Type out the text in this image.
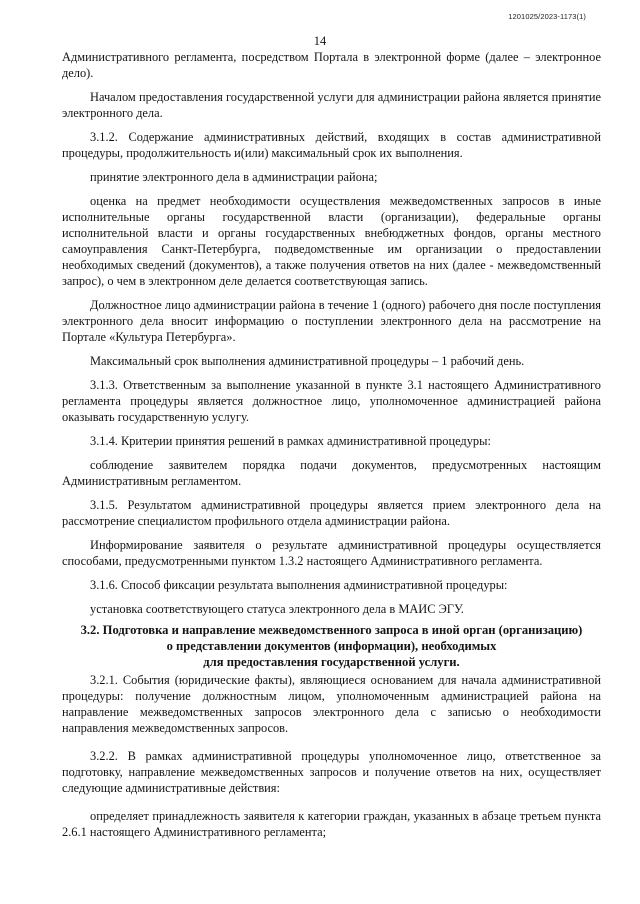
1201025/2023-1173(1)
14

Административного регламента, посредством Портала в электронной форме (далее – электронное дело).

Началом предоставления государственной услуги для администрации района является принятие электронного дела.

3.1.2. Содержание административных действий, входящих в состав административной процедуры, продолжительность и(или) максимальный срок их выполнения.

принятие электронного дела в администрации района;

оценка на предмет необходимости осуществления межведомственных запросов в иные исполнительные органы государственной власти (организации), федеральные органы исполнительной власти и органы государственных внебюджетных фондов, органы местного самоуправления Санкт-Петербурга, подведомственные им организации о предоставлении необходимых сведений (документов), а также получения ответов на них (далее - межведомственный запрос), о чем в электронном деле делается соответствующая запись.

Должностное лицо администрации района в течение 1 (одного) рабочего дня после поступления электронного дела вносит информацию о поступлении электронного дела на рассмотрение на Портале «Культура Петербурга».

Максимальный срок выполнения административной процедуры – 1 рабочий день.

3.1.3. Ответственным за выполнение указанной в пункте 3.1 настоящего Административного регламента процедуры является должностное лицо, уполномоченное администрацией района оказывать государственную услугу.

3.1.4. Критерии принятия решений в рамках административной процедуры:

соблюдение заявителем порядка подачи документов, предусмотренных настоящим Административным регламентом.

3.1.5. Результатом административной процедуры является прием электронного дела на рассмотрение специалистом профильного отдела администрации района.

Информирование заявителя о результате административной процедуры осуществляется способами, предусмотренными пунктом 1.3.2 настоящего Административного регламента.

3.1.6. Способ фиксации результата выполнения административной процедуры:

установка соответствующего статуса электронного дела в МАИС ЭГУ.

3.2. Подготовка и направление межведомственного запроса в иной орган (организацию)
о представлении документов (информации), необходимых
для предоставления государственной услуги.

3.2.1. События (юридические факты), являющиеся основанием для начала административной процедуры: получение должностным лицом, уполномоченным администрацией района на направление межведомственных запросов электронного дела с записью о необходимости направления межведомственных запросов.

3.2.2. В рамках административной процедуры уполномоченное лицо, ответственное за подготовку, направление межведомственных запросов и получение ответов на них, осуществляет следующие административные действия:

определяет принадлежность заявителя к категории граждан, указанных в абзаце третьем пункта 2.6.1 настоящего Административного регламента;
